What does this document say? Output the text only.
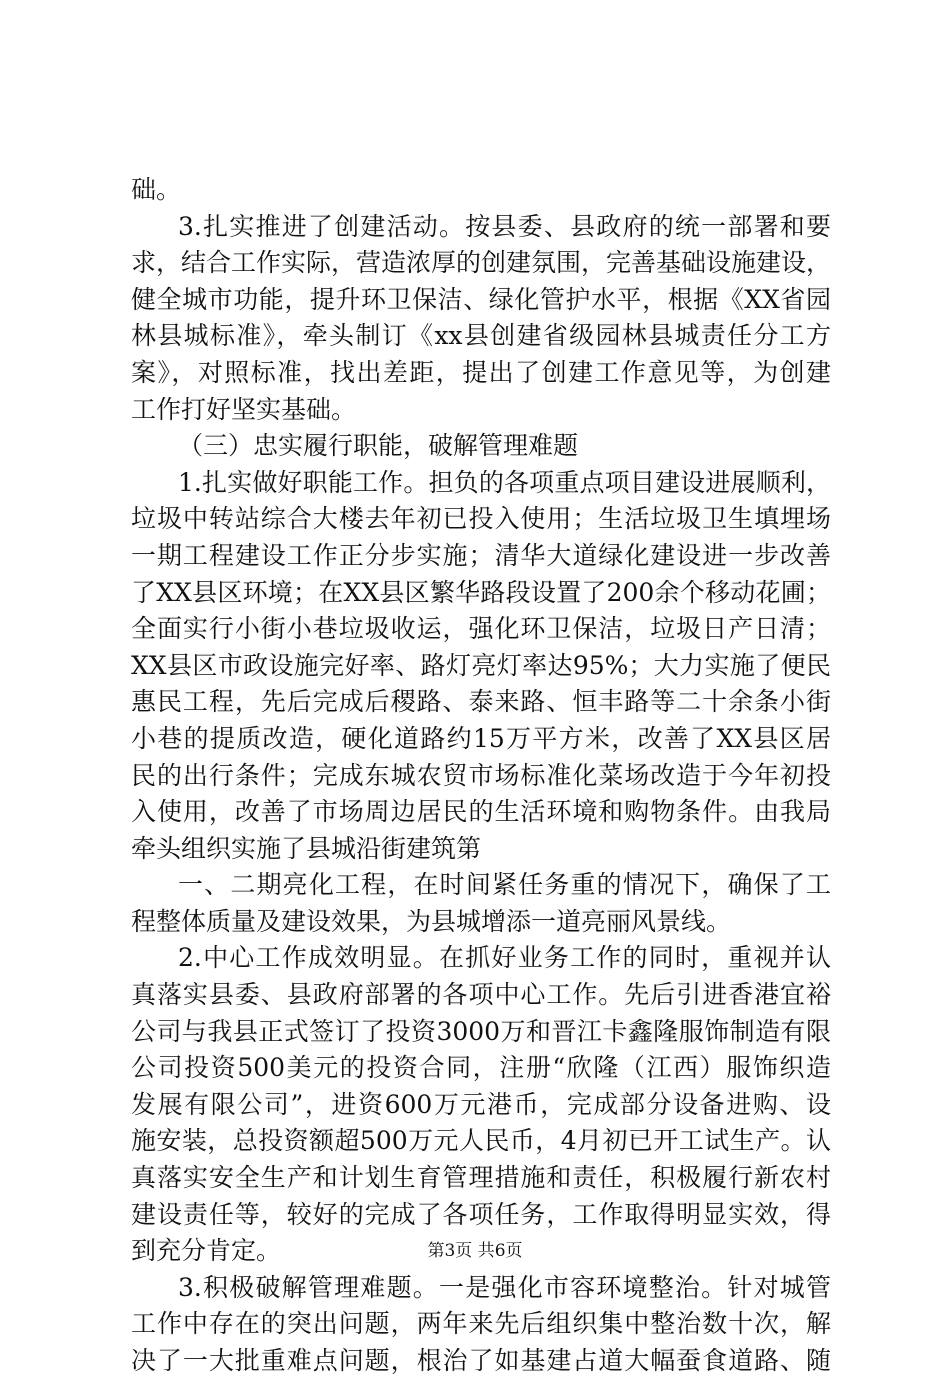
础。
3.扎实推进了创建活动。按县委、县政府的统一部署和要
求，结合工作实际，营造浓厚的创建氛围，完善基础设施建设，
健全城市功能，提升环卫保洁、绿化管护水平，根据《XX省园
林县城标准》，牵头制订《xx县创建省级园林县城责任分工方
案》，对照标准，找出差距，提出了创建工作意见等，为创建
工作打好坚实基础。
（三）忠实履行职能，破解管理难题
1.扎实做好职能工作。担负的各项重点项目建设进展顺利，
垃圾中转站综合大楼去年初已投入使用；生活垃圾卫生填埋场
一期工程建设工作正分步实施；清华大道绿化建设进一步改善
了XX县区环境；在XX县区繁华路段设置了200余个移动花圃；
全面实行小街小巷垃圾收运，强化环卫保洁，垃圾日产日清；
XX县区市政设施完好率、路灯亮灯率达95%；大力实施了便民
惠民工程，先后完成后稷路、泰来路、恒丰路等二十余条小街
小巷的提质改造，硬化道路约15万平方米，改善了XX县区居
民的出行条件；完成东城农贸市场标准化菜场改造于今年初投
入使用，改善了市场周边居民的生活环境和购物条件。由我局
牵头组织实施了县城沿街建筑第
一、二期亮化工程，在时间紧任务重的情况下，确保了工
程整体质量及建设效果，为县城增添一道亮丽风景线。
2.中心工作成效明显。在抓好业务工作的同时，重视并认
真落实县委、县政府部署的各项中心工作。先后引进香港宜裕
公司与我县正式签订了投资3000万和晋江卡鑫隆服饰制造有限
公司投资500美元的投资合同，注册“欣隆（江西）服饰织造
发展有限公司”，进资600万元港币，完成部分设备进购、设
施安装，总投资额超500万元人民币，4月初已开工试生产。认
真落实安全生产和计划生育管理措施和责任，积极履行新农村
建设责任等，较好的完成了各项任务，工作取得明显实效，得
到充分肯定。
3.积极破解管理难题。一是强化市容环境整治。针对城管
工作中存在的突出问题，两年来先后组织集中整治数十次，解
决了一大批重难点问题，根治了如基建占道大幅蚕食道路、随
第3页 共6页
